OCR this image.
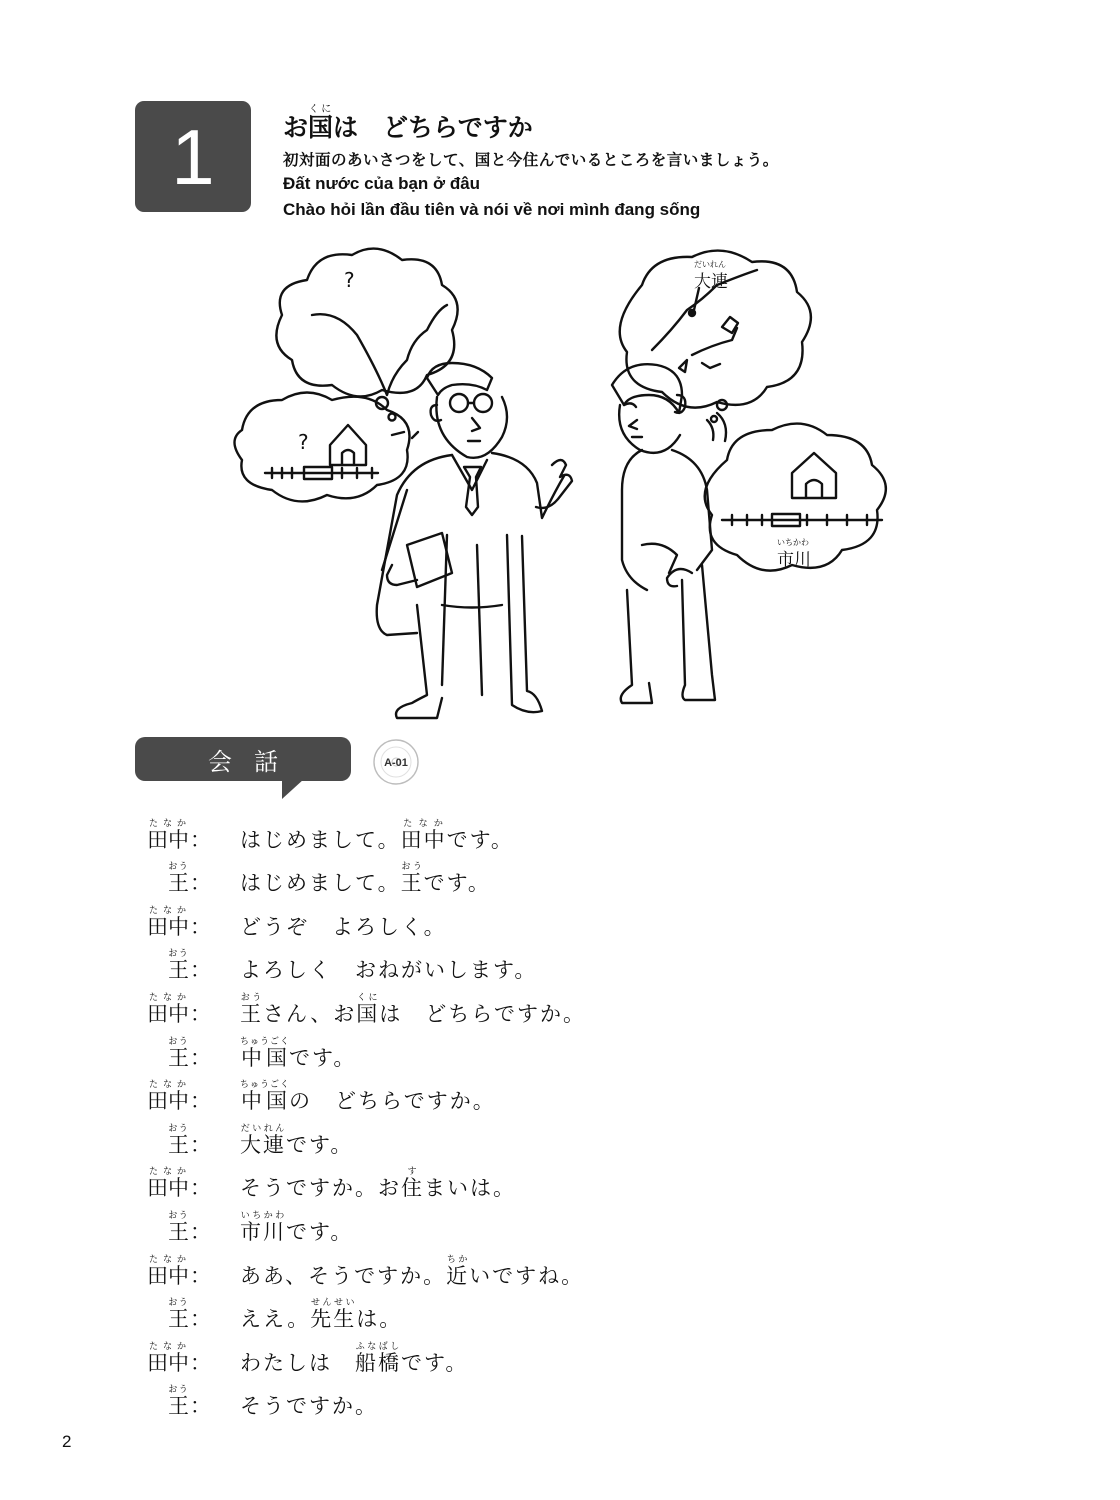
1	お国くには　どちらですか
初対面のあいさつをして、国と今住んでいるところを言いましょう。
Đất nước của bạn ở đâu
Chào hỏi lần đầu tiên và nói về nơi mình đang sống
?
?
大連
だいれん
市川
いちかわ
会話	A-01
田中たなか
：	はじめまして。田中たなかです。
王おう
：	はじめまして。王おうです。
田中たなか
：	どうぞ　よろしく。
王おう
：	よろしく　おねがいします。
田中たなか
：	王おうさん、お国くには　どちらですか。
王おう
：	中国ちゅうごくです。
田中たなか
：	中国ちゅうごくの　どちらですか。
王おう
：	大連だいれんです。
田中たなか
：	そうですか。お住すまいは。
王おう
：	市川いちかわです。
田中たなか
：	ああ、そうですか。近ちかいですね。
王おう
：	ええ。先生せんせいは。
田中たなか
：	わたしは　船橋ふなばしです。
王おう
：	そうですか。
2
